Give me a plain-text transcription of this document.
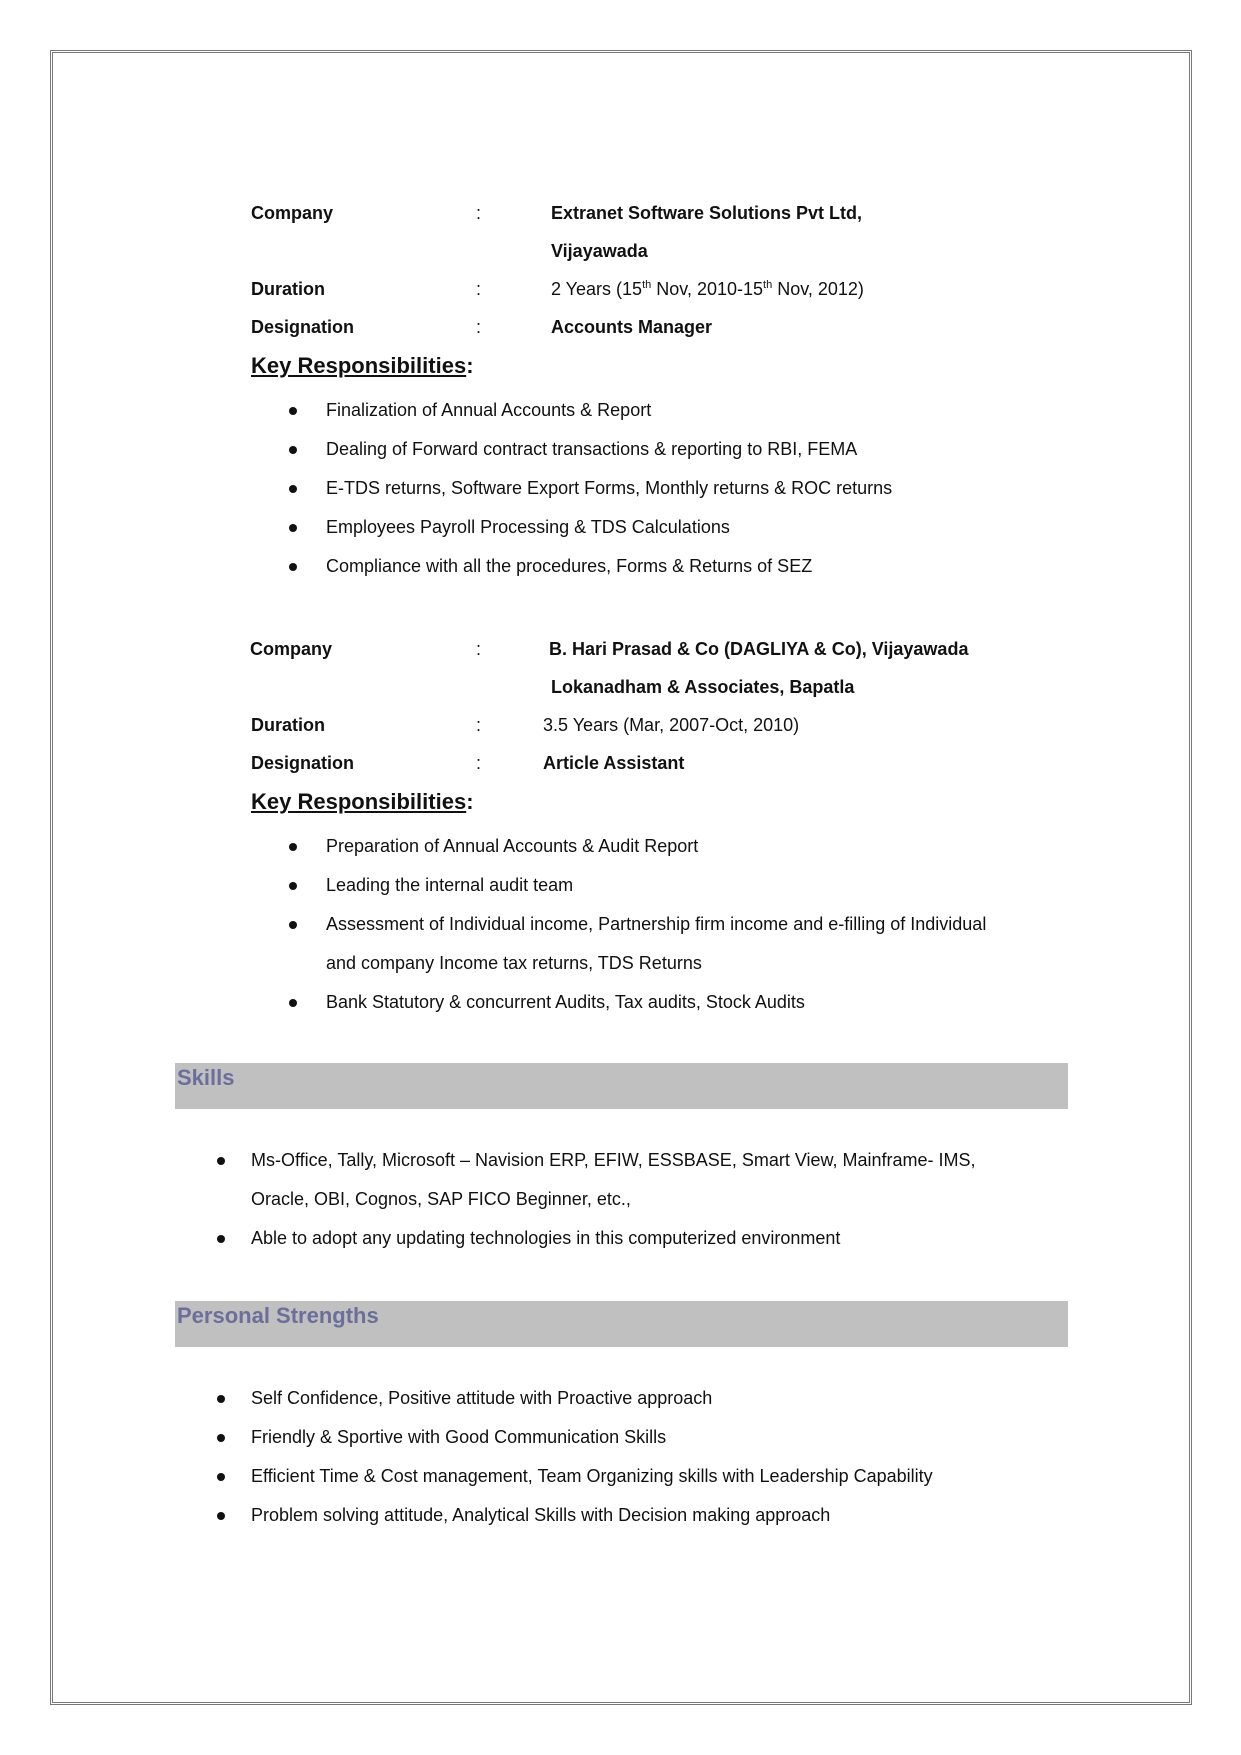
Company	:	Extranet Software Solutions Pvt Ltd,
Vijayawada
Duration	:	2 Years (15th Nov, 2010-15th Nov, 2012)
Designation	:	Accounts Manager
Key Responsibilities:
Finalization of Annual Accounts & Report
Dealing of Forward contract transactions & reporting to RBI, FEMA
E-TDS returns, Software Export Forms, Monthly returns & ROC returns
Employees Payroll Processing & TDS Calculations
Compliance with all the procedures, Forms & Returns of SEZ
Company	:	B. Hari Prasad & Co (DAGLIYA & Co), Vijayawada
Lokanadham & Associates, Bapatla
Duration	:	3.5 Years (Mar, 2007-Oct, 2010)
Designation	:	Article Assistant
Key Responsibilities:
Preparation of Annual Accounts & Audit Report
Leading the internal audit team
Assessment of Individual income, Partnership firm income and e-filling of Individual
and company Income tax returns, TDS Returns
Bank Statutory & concurrent Audits, Tax audits, Stock Audits
Skills
Ms-Office, Tally, Microsoft – Navision ERP, EFIW, ESSBASE, Smart View, Mainframe- IMS,
Oracle, OBI, Cognos, SAP FICO Beginner, etc.,
Able to adopt any updating technologies in this computerized environment
Personal Strengths
Self Confidence, Positive attitude with Proactive approach
Friendly & Sportive with Good Communication Skills
Efficient Time & Cost management, Team Organizing skills with Leadership Capability
Problem solving attitude, Analytical Skills with Decision making approach
